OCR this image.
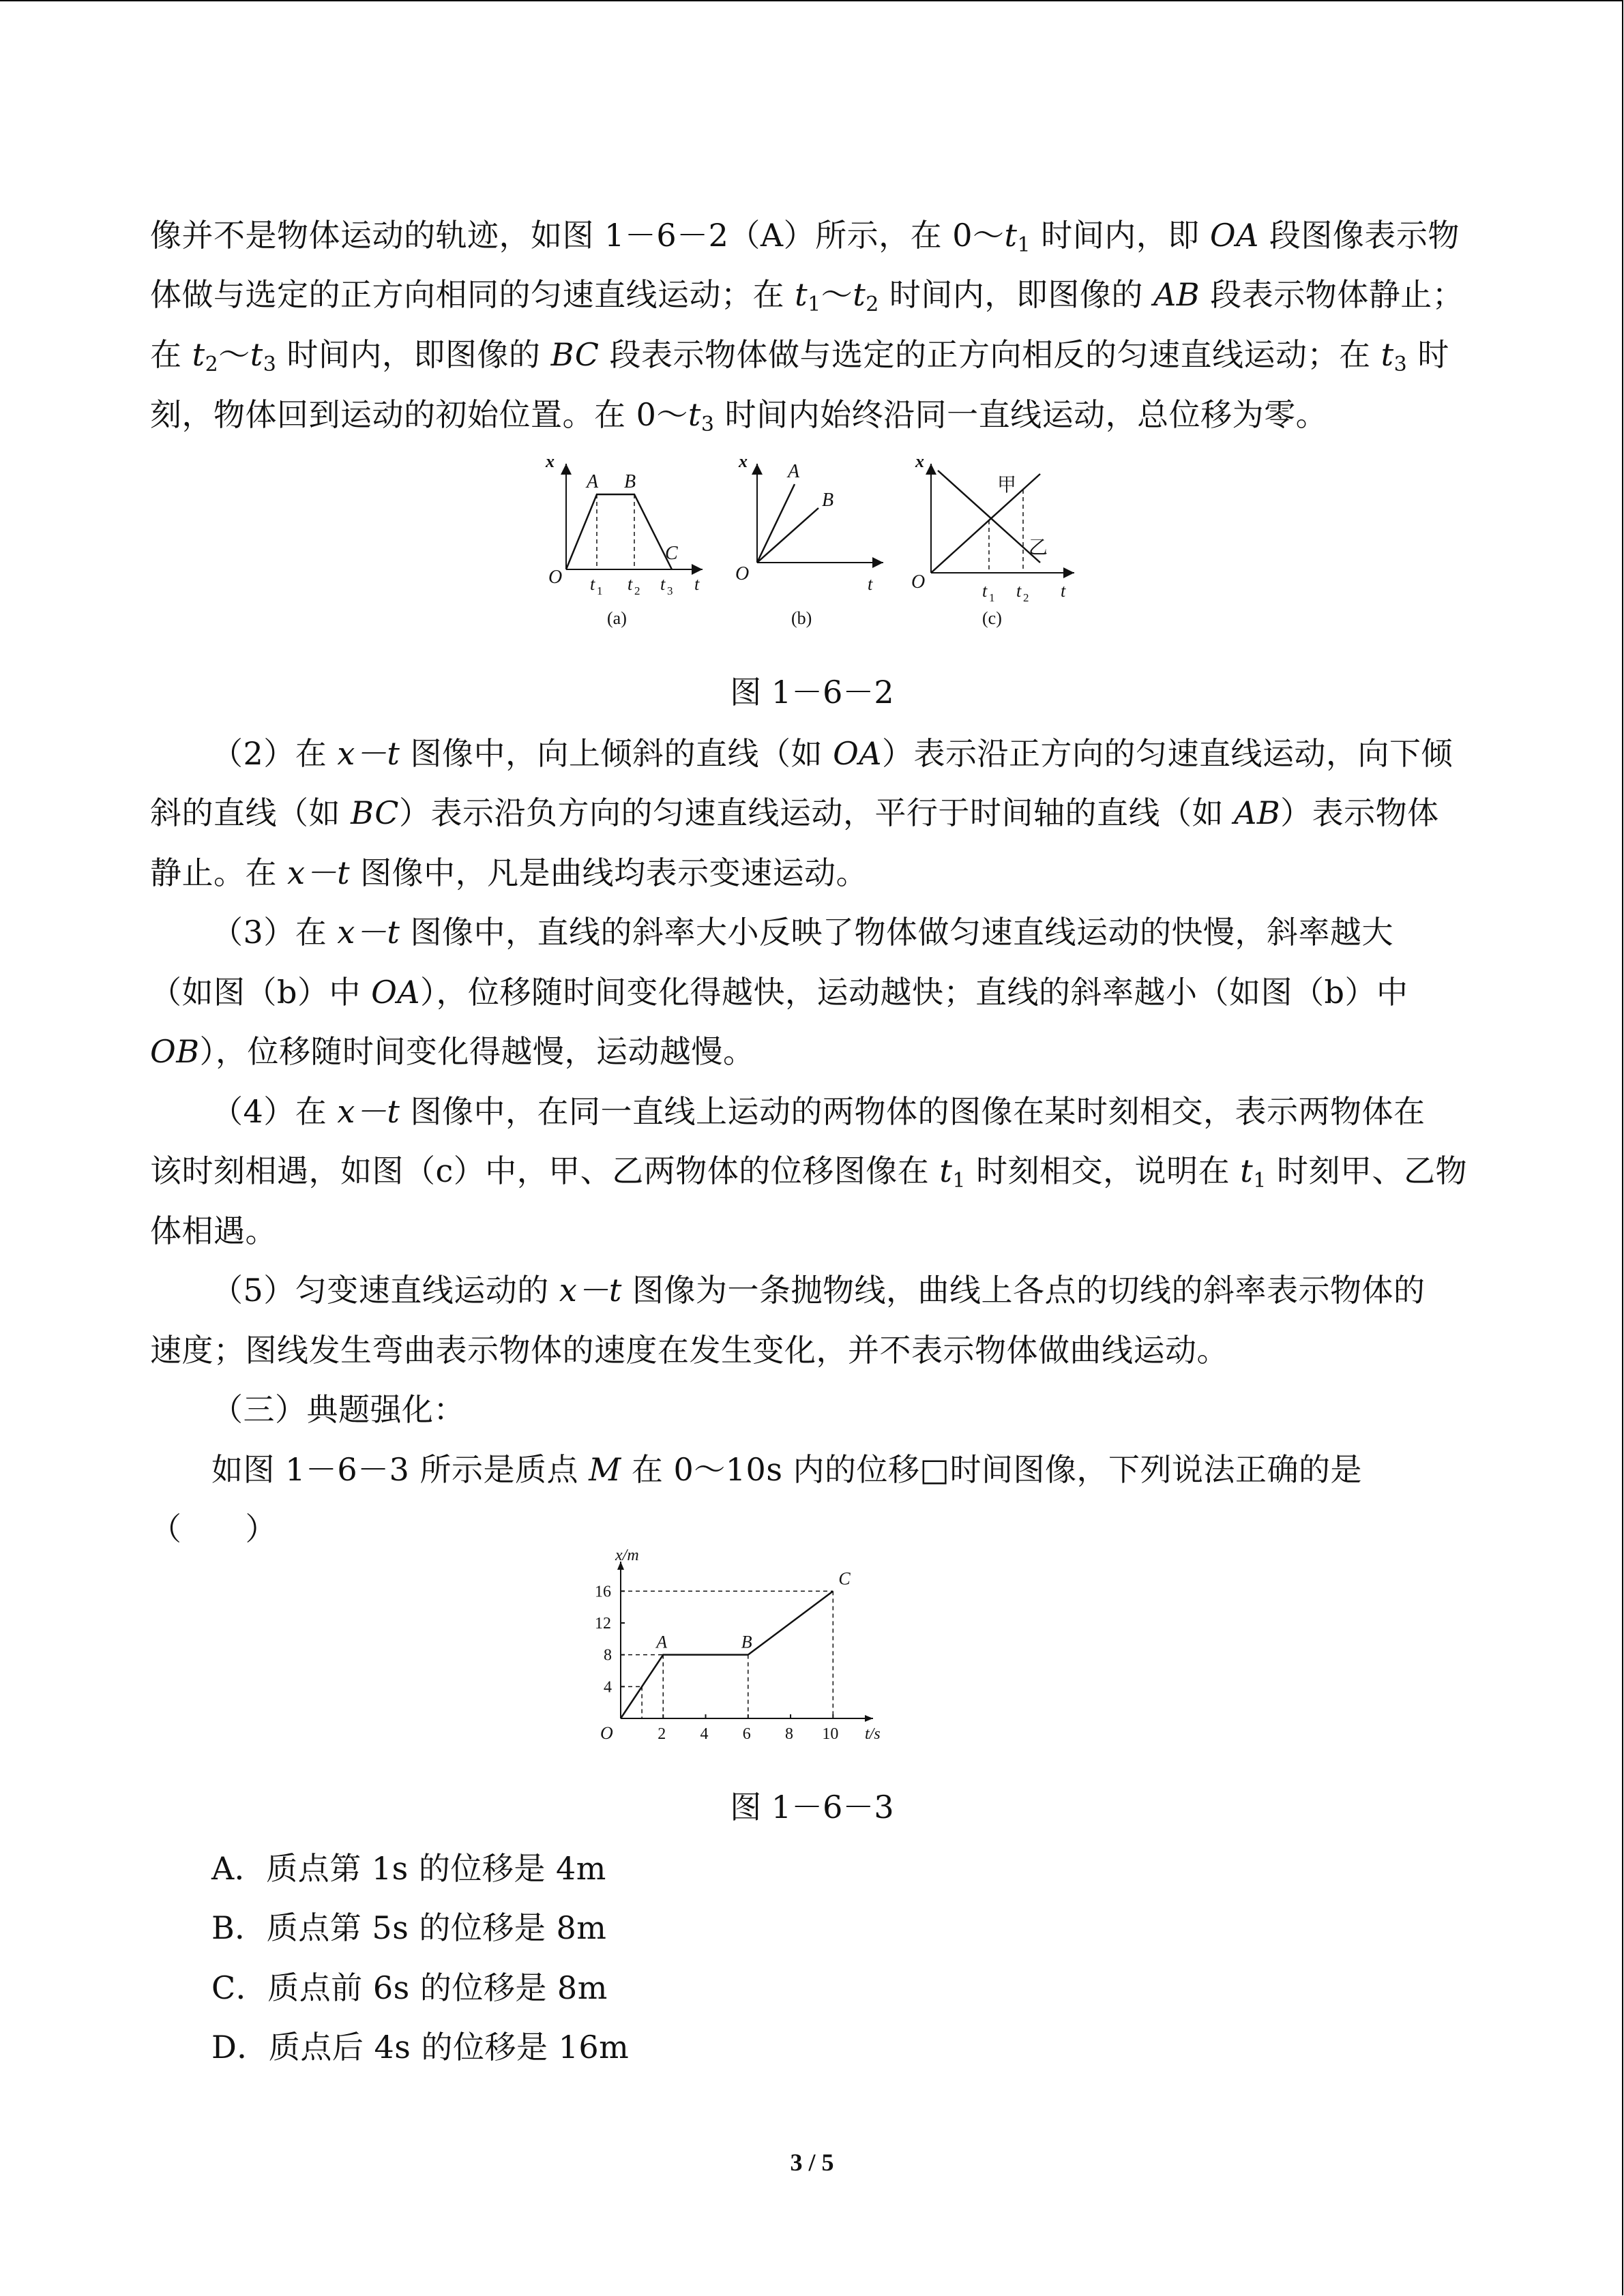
像并不是物体运动的轨迹，如图 1－6－2（A）所示，在 $0\sim t_1$ 时间内，即 OA 段图像表示物
体做与选定的正方向相同的匀速直线运动；在 $t_1\sim t_2$ 时间内，即图像的 AB 段表示物体静止；
在 $t_2\sim t_3$ 时间内，即图像的 BC 段表示物体做与选定的正方向相反的匀速直线运动；在 $t_3$ 时
刻，物体回到运动的初始位置。在 $0\sim t_3$ 时间内始终沿同一直线运动，总位移为零。
x
O
A B
C
t 1 t 2 t 3 t
(a)
x
O
A
B
t
(b)
x
O
甲
乙
t 1 t 2 t
(c)
图 1－6－2
（2）在 x－t 图像中，向上倾斜的直线（如 OA）表示沿正方向的匀速直线运动，向下倾
斜的直线（如 BC）表示沿负方向的匀速直线运动，平行于时间轴的直线（如 AB）表示物体
静止。在 x－t 图像中，凡是曲线均表示变速运动。
（3）在 x－t 图像中，直线的斜率大小反映了物体做匀速直线运动的快慢，斜率越大
（如图（b）中 OA），位移随时间变化得越快，运动越快；直线的斜率越小（如图（b）中
OB），位移随时间变化得越慢，运动越慢。
（4）在 x－t 图像中，在同一直线上运动的两物体的图像在某时刻相交，表示两物体在
该时刻相遇，如图（c）中，甲、乙两物体的位移图像在 $t_1$ 时刻相交，说明在 $t_1$ 时刻甲、乙物
体相遇。
（5）匀变速直线运动的 x－t 图像为一条抛物线，曲线上各点的切线的斜率表示物体的
速度；图线发生弯曲表示物体的速度在发生变化，并不表示物体做曲线运动。
（三）典题强化：
如图 1－6－3 所示是质点 M 在 0～10s 内的位移□时间图像，下列说法正确的是
（　　）
t/s
x/m
O	2 4 6 8 10
4
8
12
16
A	B
C
图 1－6－3
A．质点第 1s 的位移是 4m
B．质点第 5s 的位移是 8m
C．质点前 6s 的位移是 8m
D．质点后 4s 的位移是 16m
3 / 5
